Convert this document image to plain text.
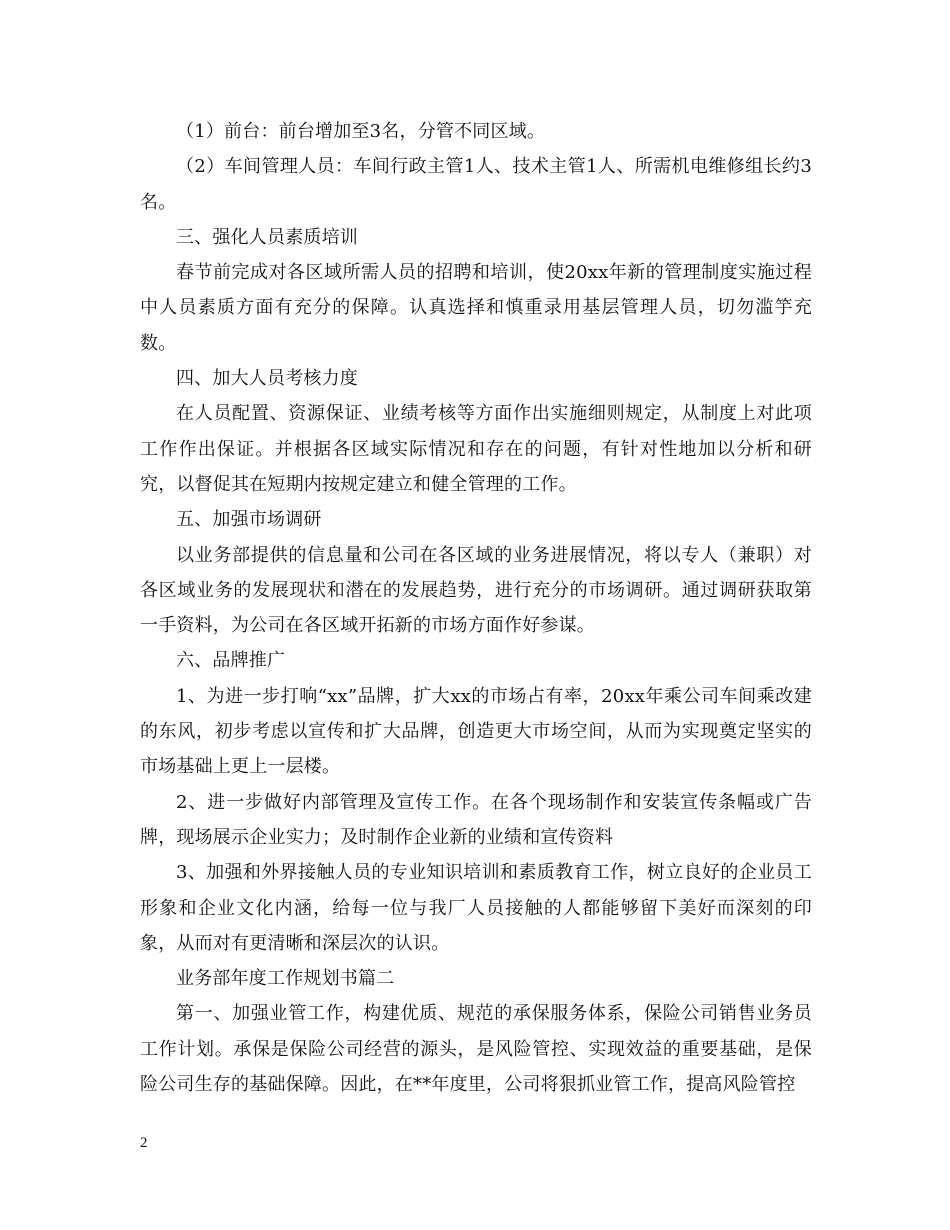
（1）前台：前台增加至3名，分管不同区域。

（2）车间管理人员：车间行政主管1人、技术主管1人、所需机电维修组长约3名。

三、强化人员素质培训

春节前完成对各区域所需人员的招聘和培训，使20xx年新的管理制度实施过程中人员素质方面有充分的保障。认真选择和慎重录用基层管理人员，切勿滥竽充数。

四、加大人员考核力度

在人员配置、资源保证、业绩考核等方面作出实施细则规定，从制度上对此项工作作出保证。并根据各区域实际情况和存在的问题，有针对性地加以分析和研究，以督促其在短期内按规定建立和健全管理的工作。

五、加强市场调研

以业务部提供的信息量和公司在各区域的业务进展情况，将以专人（兼职）对各区域业务的发展现状和潜在的发展趋势，进行充分的市场调研。通过调研获取第一手资料，为公司在各区域开拓新的市场方面作好参谋。

六、品牌推广

1、为进一步打响“xx”品牌，扩大xx的市场占有率，20xx年乘公司车间乘改建的东风，初步考虑以宣传和扩大品牌，创造更大市场空间，从而为实现奠定坚实的市场基础上更上一层楼。

2、进一步做好内部管理及宣传工作。在各个现场制作和安装宣传条幅或广告牌，现场展示企业实力；及时制作企业新的业绩和宣传资料

3、加强和外界接触人员的专业知识培训和素质教育工作，树立良好的企业员工形象和企业文化内涵，给每一位与我厂人员接触的人都能够留下美好而深刻的印象，从而对有更清晰和深层次的认识。

业务部年度工作规划书篇二

第一、加强业管工作，构建优质、规范的承保服务体系，保险公司销售业务员工作计划。承保是保险公司经营的源头，是风险管控、实现效益的重要基础，是保险公司生存的基础保障。因此，在**年度里，公司将狠抓业管工作，提高风险管控

2
